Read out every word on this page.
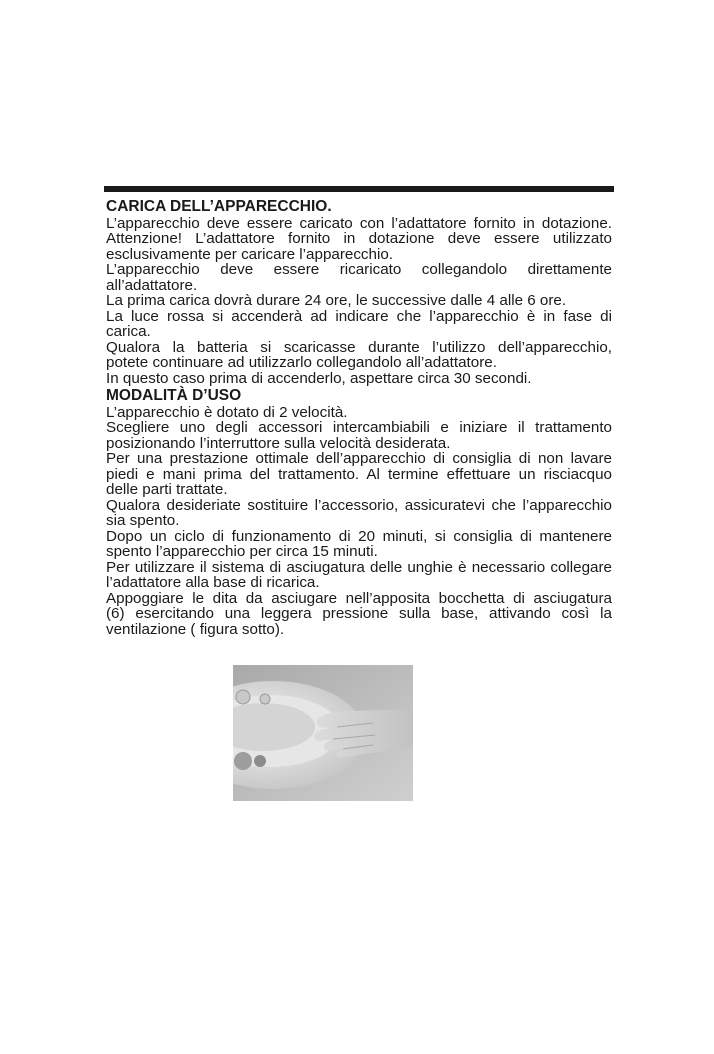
CARICA DELL’APPARECCHIO.

L’apparecchio deve essere caricato con l’adattatore fornito in dotazione.

Attenzione! L’adattatore fornito in dotazione deve essere utilizzato

esclusivamente per caricare l’apparecchio.

L’apparecchio deve essere ricaricato collegandolo direttamente

all’adattatore.

La prima carica dovrà durare 24 ore, le successive dalle 4 alle 6 ore.

La luce rossa si accenderà ad indicare che l’apparecchio è in fase di

carica.

Qualora la batteria si scaricasse durante l’utilizzo dell’apparecchio,

potete continuare ad utilizzarlo collegandolo all’adattatore.

In questo caso prima di accenderlo, aspettare circa 30 secondi.

MODALITÀ D’USO

L’apparecchio è dotato di 2 velocità.

Scegliere uno degli accessori intercambiabili e iniziare il trattamento

posizionando l’interruttore sulla velocità desiderata.

Per una prestazione ottimale dell’apparecchio di consiglia di non lavare

piedi e mani prima del trattamento. Al termine effettuare un risciacquo

delle parti trattate.

Qualora desideriate sostituire l’accessorio, assicuratevi che l’apparecchio

sia spento.

Dopo un ciclo di funzionamento di 20 minuti, si consiglia di mantenere

spento l’apparecchio per circa 15 minuti.

Per utilizzare il sistema di asciugatura delle unghie è necessario collegare

l’adattatore alla base di ricarica.

Appoggiare le dita da asciugare nell’apposita bocchetta di asciugatura

(6) esercitando una leggera pressione sulla base, attivando così la

ventilazione ( figura sotto).
